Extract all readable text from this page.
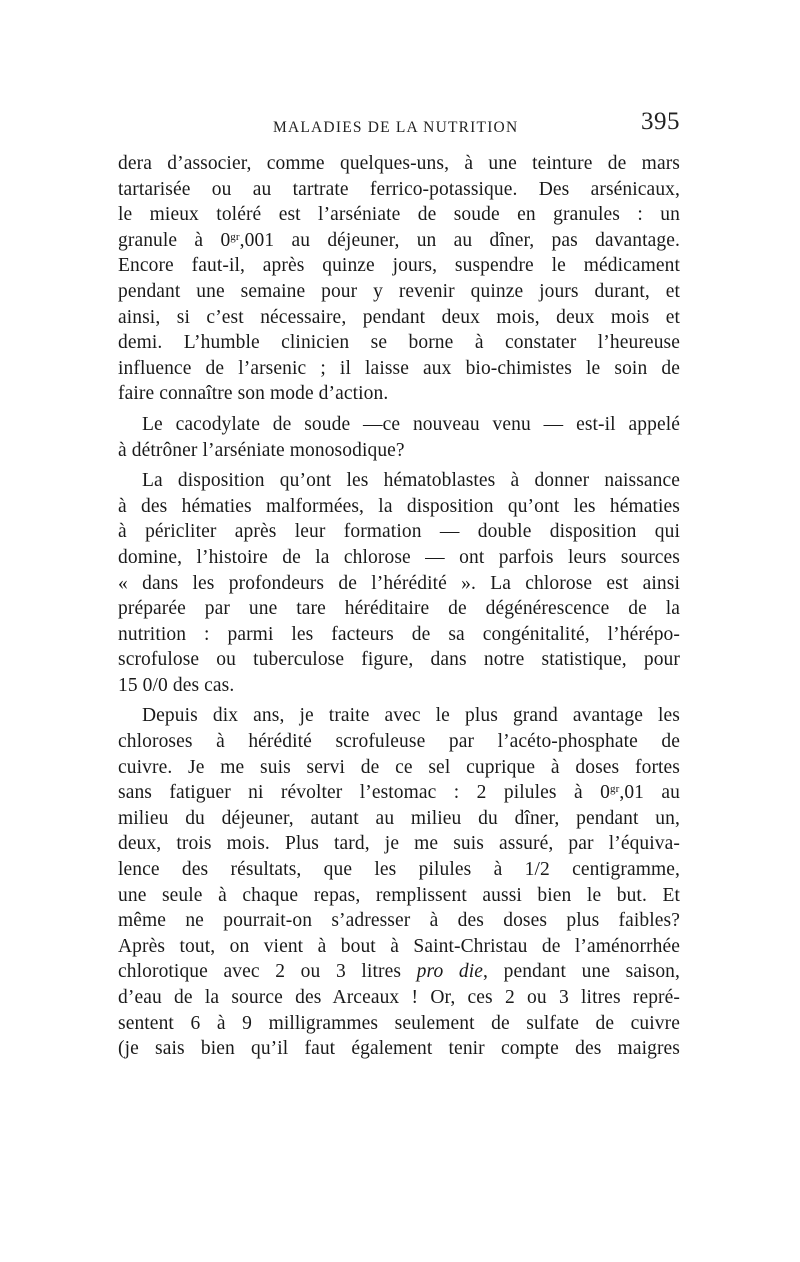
MALADIES DE LA NUTRITION	395
dera d’associer, comme quelques-uns, à une teinture de mars
tartarisée ou au tartrate ferrico-potassique. Des arsénicaux,
le mieux toléré est l’arséniate de soude en granules : un
granule à $0^{gr},001$ au déjeuner, un au dîner, pas davantage.
Encore faut-il, après quinze jours, suspendre le médicament
pendant une semaine pour y revenir quinze jours durant, et
ainsi, si c’est nécessaire, pendant deux mois, deux mois et
demi. L’humble clinicien se borne à constater l’heureuse
influence de l’arsenic ; il laisse aux bio-chimistes le soin de
faire connaître son mode d’action.
Le cacodylate de soude —ce nouveau venu — est-il appelé
à détrôner l’arséniate monosodique?
La disposition qu’ont les hématoblastes à donner naissance
à des hématies malformées, la disposition qu’ont les hématies
à péricliter après leur formation — double disposition qui
domine, l’histoire de la chlorose — ont parfois leurs sources
« dans les profondeurs de l’hérédité ». La chlorose est ainsi
préparée par une tare héréditaire de dégénérescence de la
nutrition : parmi les facteurs de sa congénitalité, l’hérépo-
scrofulose ou tuberculose figure, dans notre statistique, pour
15 0/0 des cas.
Depuis dix ans, je traite avec le plus grand avantage les
chloroses à hérédité scrofuleuse par l’acéto-phosphate de
cuivre. Je me suis servi de ce sel cuprique à doses fortes
sans fatiguer ni révolter l’estomac : 2 pilules à $0^{gr},01$ au
milieu du déjeuner, autant au milieu du dîner, pendant un,
deux, trois mois. Plus tard, je me suis assuré, par l’équiva-
lence des résultats, que les pilules à 1/2 centigramme,
une seule à chaque repas, remplissent aussi bien le but. Et
même ne pourrait-on s’adresser à des doses plus faibles?
Après tout, on vient à bout à Saint-Christau de l’aménorrhée
chlorotique avec 2 ou 3 litres pro die, pendant une saison,
d’eau de la source des Arceaux ! Or, ces 2 ou 3 litres repré-
sentent 6 à 9 milligrammes seulement de sulfate de cuivre
(je sais bien qu’il faut également tenir compte des maigres
